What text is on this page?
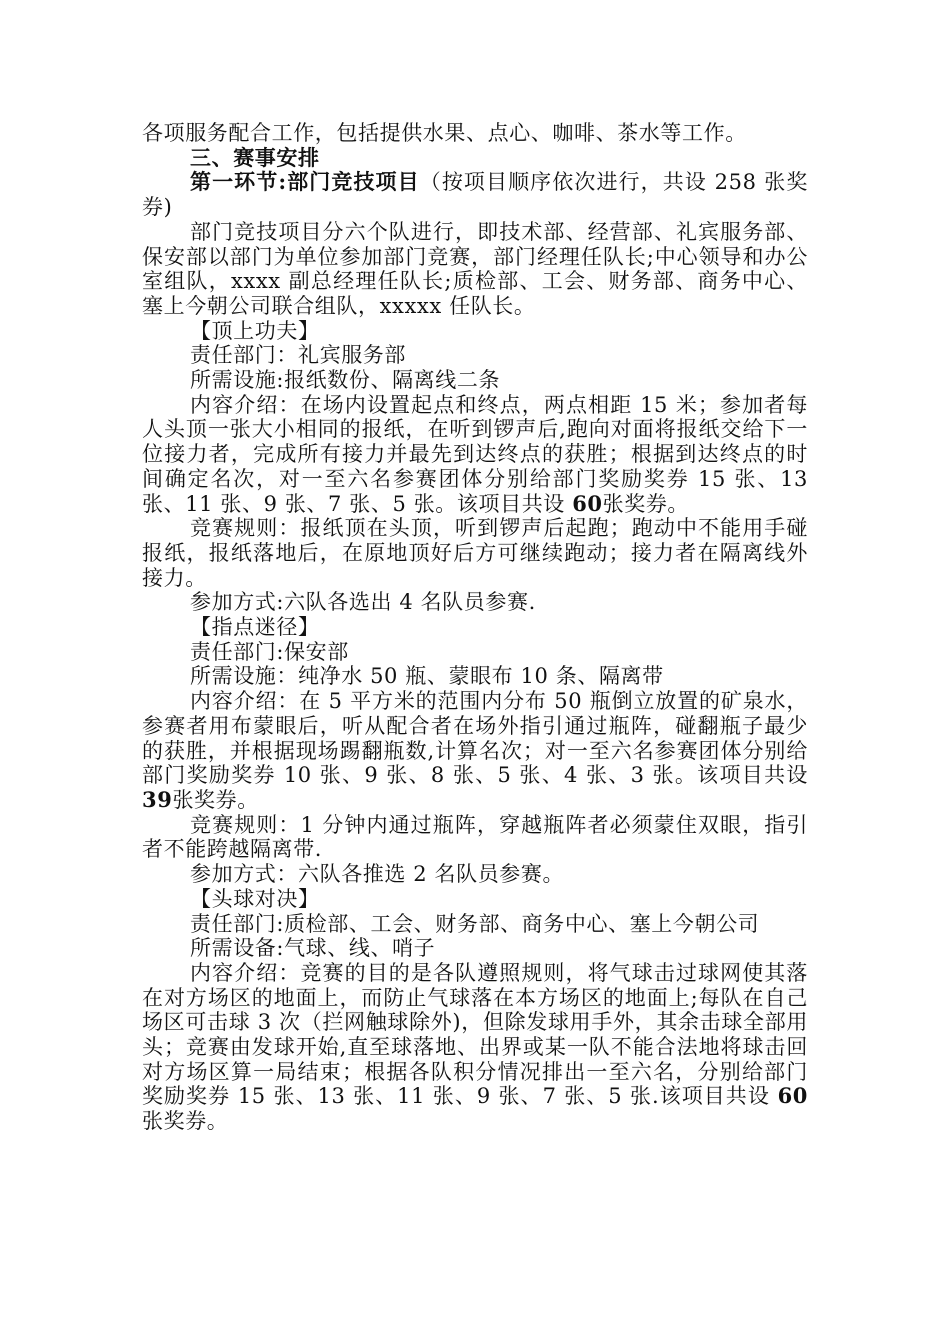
各项服务配合工作，包括提供水果、点心、咖啡、茶水等工作。

三、赛事安排

第一环节:部门竞技项目（按项目顺序依次进行，共设 258 张奖券)

部门竞技项目分六个队进行，即技术部、经营部、礼宾服务部、保安部以部门为单位参加部门竞赛，部门经理任队长;中心领导和办公室组队，xxxx 副总经理任队长;质检部、工会、财务部、商务中心、塞上今朝公司联合组队，xxxxx 任队长。

【顶上功夫】

责任部门：礼宾服务部

所需设施:报纸数份、隔离线二条

内容介绍：在场内设置起点和终点，两点相距 15 米；参加者每人头顶一张大小相同的报纸，在听到锣声后,跑向对面将报纸交给下一位接力者，完成所有接力并最先到达终点的获胜；根据到达终点的时间确定名次，对一至六名参赛团体分别给部门奖励奖券 15 张、13 张、11 张、9 张、7 张、5 张。该项目共设 60张奖券。

竞赛规则：报纸顶在头顶，听到锣声后起跑；跑动中不能用手碰报纸，报纸落地后，在原地顶好后方可继续跑动；接力者在隔离线外接力。

参加方式:六队各选出 4 名队员参赛.

【指点迷径】

责任部门:保安部

所需设施：纯净水 50 瓶、蒙眼布 10 条、隔离带

内容介绍：在 5 平方米的范围内分布 50 瓶倒立放置的矿泉水，参赛者用布蒙眼后，听从配合者在场外指引通过瓶阵，碰翻瓶子最少的获胜，并根据现场踢翻瓶数,计算名次；对一至六名参赛团体分别给部门奖励奖券 10 张、9 张、8 张、5 张、4 张、3 张。该项目共设 39张奖券。

竞赛规则：1 分钟内通过瓶阵，穿越瓶阵者必须蒙住双眼，指引者不能跨越隔离带.

参加方式：六队各推选 2 名队员参赛。

【头球对决】

责任部门:质检部、工会、财务部、商务中心、塞上今朝公司

所需设备:气球、线、哨子

内容介绍：竞赛的目的是各队遵照规则，将气球击过球网使其落在对方场区的地面上，而防止气球落在本方场区的地面上;每队在自己场区可击球 3 次（拦网触球除外)，但除发球用手外，其余击球全部用头；竞赛由发球开始,直至球落地、出界或某一队不能合法地将球击回对方场区算一局结束；根据各队积分情况排出一至六名，分别给部门奖励奖券 15 张、13 张、11 张、9 张、7 张、5 张.该项目共设 60张奖券。
